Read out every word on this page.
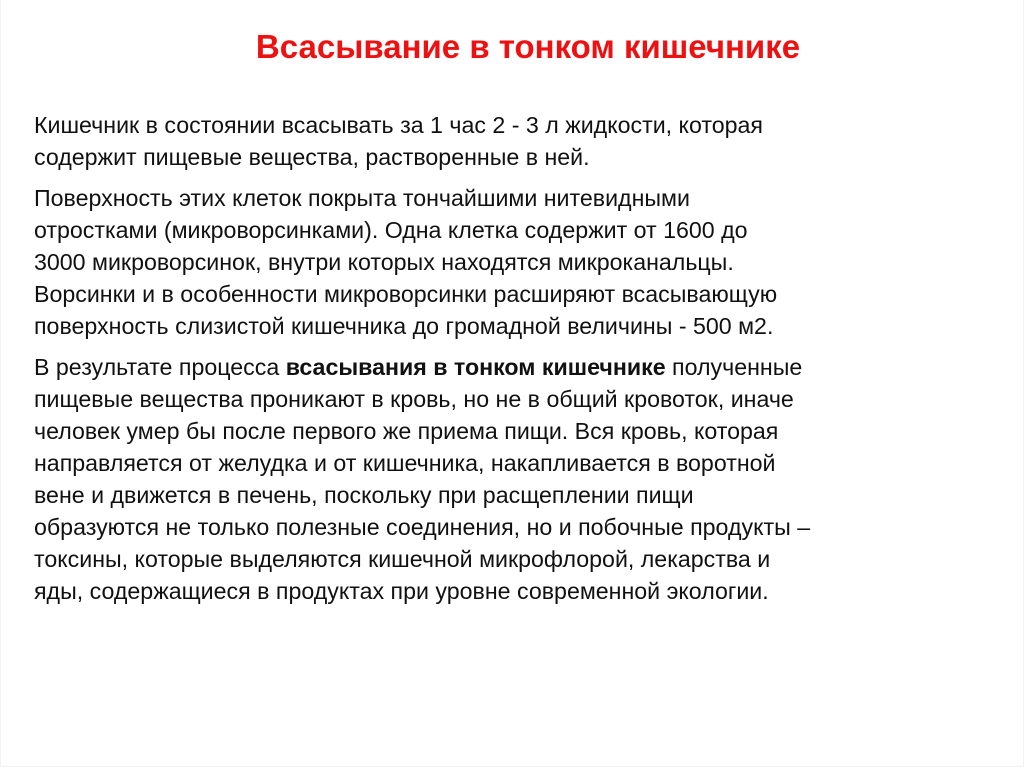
Всасывание в тонком кишечнике

Кишечник в состоянии всасывать за 1 час 2 - 3 л жидкости, которая
содержит пищевые вещества, растворенные в ней.

Поверхность этих клеток покрыта тончайшими нитевидными
отростками (микроворсинками). Одна клетка содержит от 1600 до
3000 микроворсинок, внутри которых находятся микроканальцы.
Ворсинки и в особенности микроворсинки расширяют всасывающую
поверхность слизистой кишечника до громадной величины - 500 м2.

В результате процесса всасывания в тонком кишечнике полученные
пищевые вещества проникают в кровь, но не в общий кровоток, иначе
человек умер бы после первого же приема пищи. Вся кровь, которая
направляется от желудка и от кишечника, накапливается в воротной
вене и движется в печень, поскольку при расщеплении пищи
образуются не только полезные соединения, но и побочные продукты –
токсины, которые выделяются кишечной микрофлорой, лекарства и
яды, содержащиеся в продуктах при уровне современной экологии.
